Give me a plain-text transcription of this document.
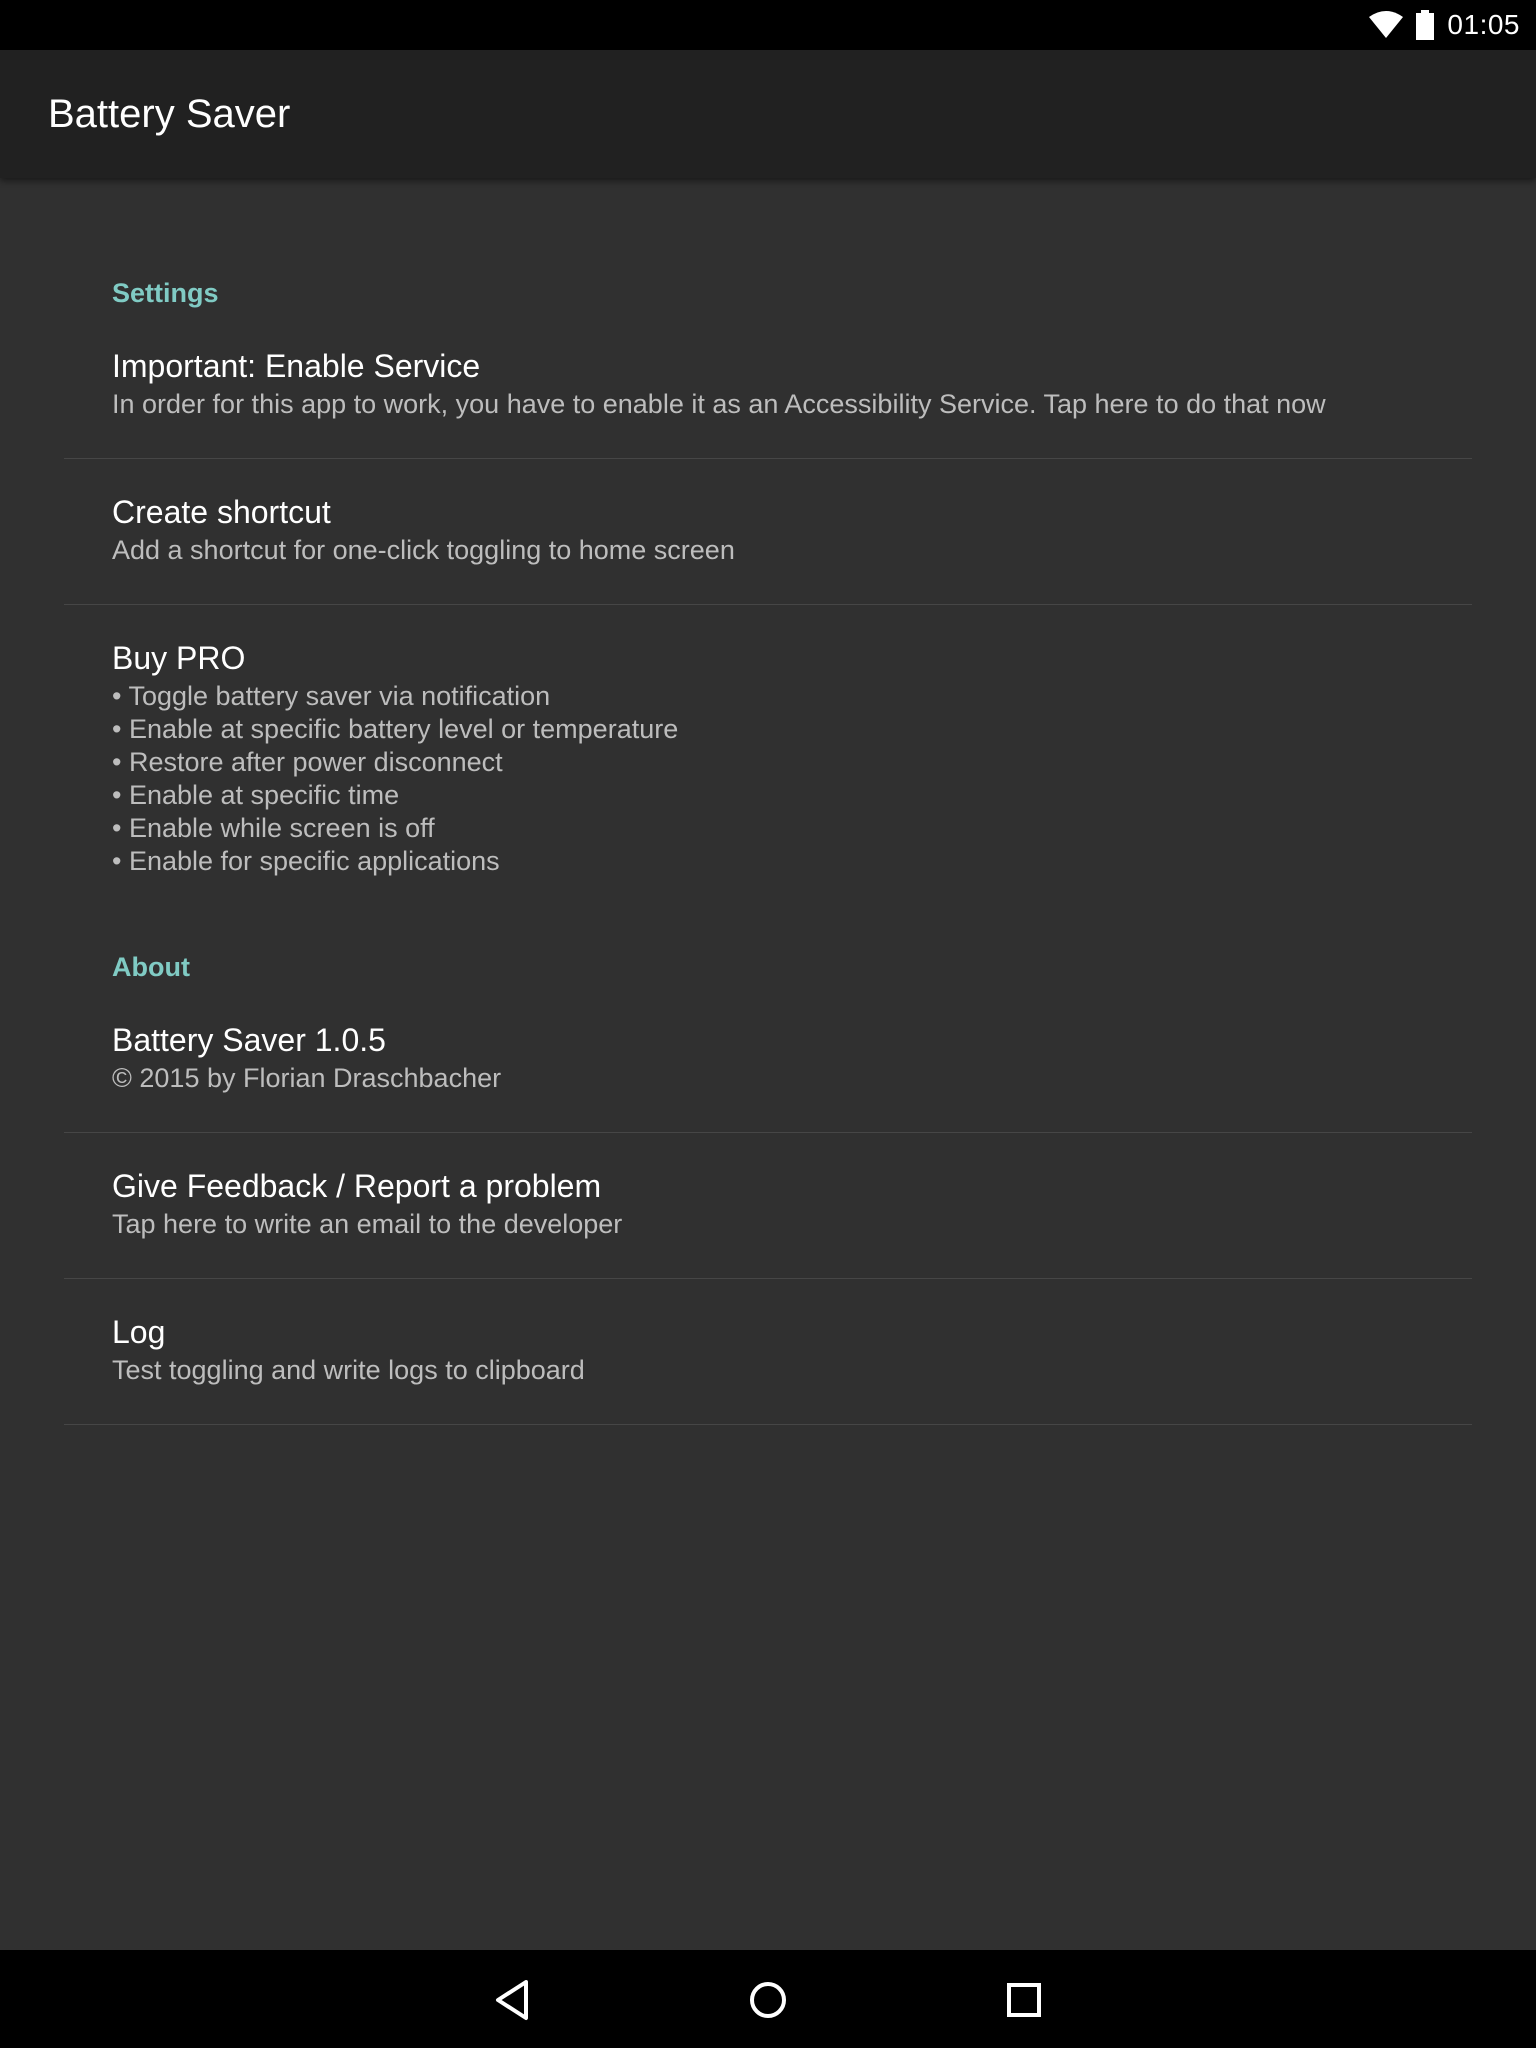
01:05
Battery Saver
Settings
Important: Enable Service
In order for this app to work, you have to enable it as an Accessibility Service. Tap here to do that now
Create shortcut
Add a shortcut for one-click toggling to home screen
Buy PRO
• Toggle battery saver via notification
• Enable at specific battery level or temperature
• Restore after power disconnect
• Enable at specific time
• Enable while screen is off
• Enable for specific applications
About
Battery Saver 1.0.5
© 2015 by Florian Draschbacher
Give Feedback / Report a problem
Tap here to write an email to the developer
Log
Test toggling and write logs to clipboard
